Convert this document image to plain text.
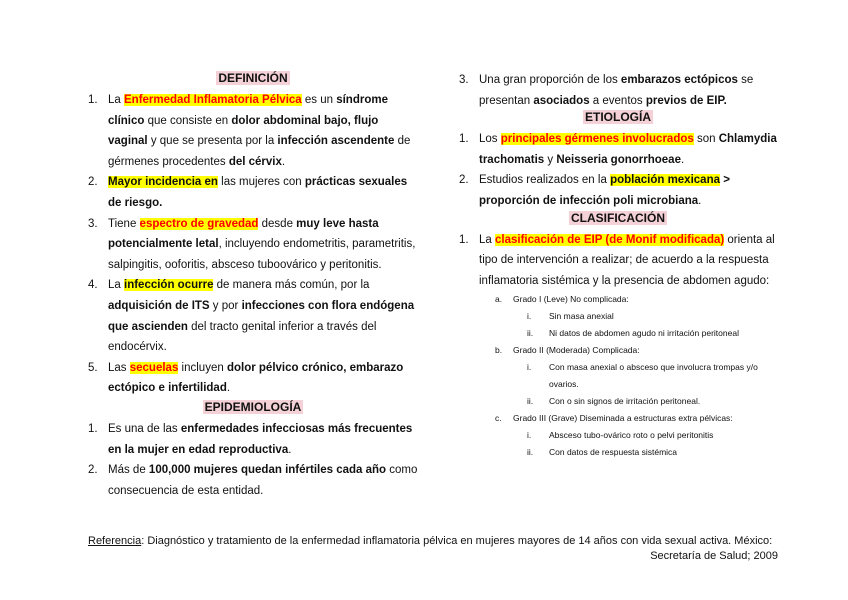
DEFINICIÓN
1. La Enfermedad Inflamatoria Pélvica es un síndrome clínico que consiste en dolor abdominal bajo, flujo vaginal y que se presenta por la infección ascendente de gérmenes procedentes del cérvix.
2. Mayor incidencia en las mujeres con prácticas sexuales de riesgo.
3. Tiene espectro de gravedad desde muy leve hasta potencialmente letal, incluyendo endometritis, parametritis, salpingitis, ooforitis, absceso tuboovárico y peritonitis.
4. La infección ocurre de manera más común, por la adquisición de ITS y por infecciones con flora endógena que ascienden del tracto genital inferior a través del endocérvix.
5. Las secuelas incluyen dolor pélvico crónico, embarazo ectópico e infertilidad.
EPIDEMIOLOGÍA
1. Es una de las enfermedades infecciosas más frecuentes en la mujer en edad reproductiva.
2. Más de 100,000 mujeres quedan infértiles cada año como consecuencia de esta entidad.
3. Una gran proporción de los embarazos ectópicos se presentan asociados a eventos previos de EIP.
ETIOLOGÍA
1. Los principales gérmenes involucrados son Chlamydia trachomatis y Neisseria gonorrhoeae.
2. Estudios realizados en la población mexicana > proporción de infección poli microbiana.
CLASIFICACIÓN
1. La clasificación de EIP (de Monif modificada) orienta al tipo de intervención a realizar; de acuerdo a la respuesta inflamatoria sistémica y la presencia de abdomen agudo:
a. Grado I (Leve) No complicada:
i. Sin masa anexial
ii. Ni datos de abdomen agudo ni irritación peritoneal
b. Grado II (Moderada) Complicada:
i. Con masa anexial o absceso que involucra trompas y/o ovarios.
ii. Con o sin signos de irritación peritoneal.
c. Grado III (Grave) Diseminada a estructuras extra pélvicas:
i. Absceso tubo-ovárico roto o pelvi peritonitis
ii. Con datos de respuesta sistémica
Referencia: Diagnóstico y tratamiento de la enfermedad inflamatoria pélvica en mujeres mayores de 14 años con vida sexual activa. México:
Secretaría de Salud; 2009
